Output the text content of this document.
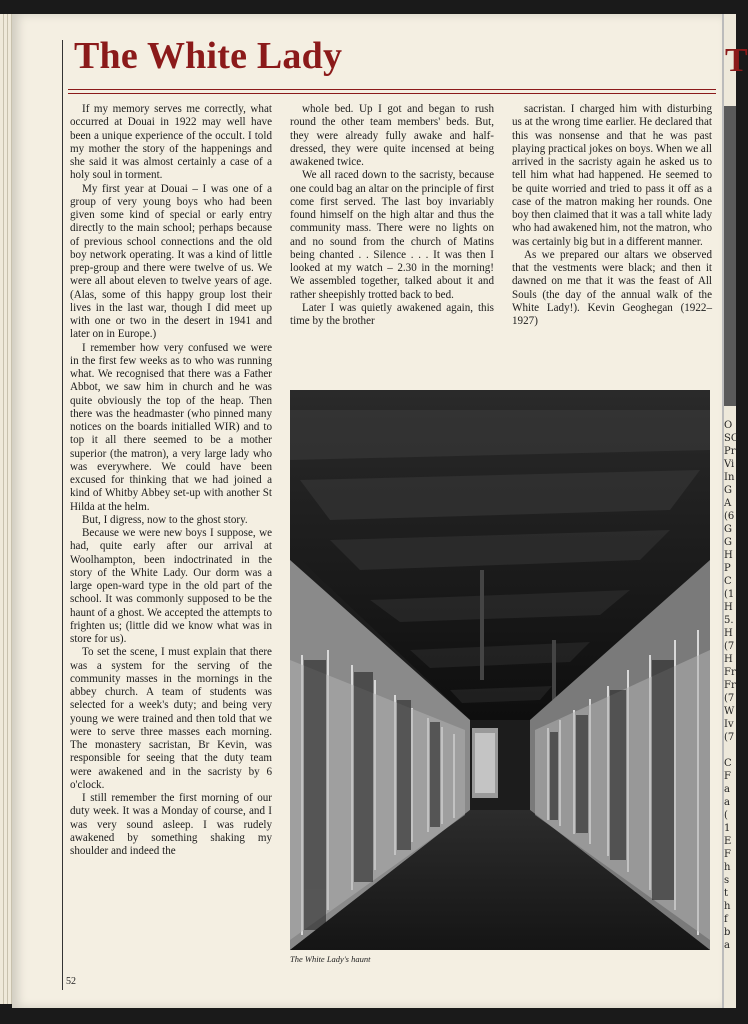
T
O
SC
Pr
Vi
In
G
A
(6
G
G
H
P
C
(1
H
5.
H
(7
H
Fr
Fr
(7
W
Iv
(7
C
F
a
a
(
1
E
F
h
s
t
h
f
b
a
The White Lady

If my memory serves me correctly, what occurred at Douai in 1922 may well have been a unique experience of the occult. I told my mother the story of the happenings and she said it was almost certainly a case of a holy soul in torment.

My first year at Douai – I was one of a group of very young boys who had been given some kind of special or early entry directly to the main school; perhaps because of previous school connections and the old boy network operating. It was a kind of little prep-group and there were twelve of us. We were all about eleven to twelve years of age. (Alas, some of this happy group lost their lives in the last war, though I did meet up with one or two in the desert in 1941 and later on in Europe.)

I remember how very confused we were in the first few weeks as to who was running what. We recognised that there was a Father Abbot, we saw him in church and he was quite obviously the top of the heap. Then there was the headmaster (who pinned many notices on the boards initialled WIR) and to top it all there seemed to be a mother superior (the matron), a very large lady who was everywhere. We could have been excused for thinking that we had joined a kind of Whitby Abbey set-up with another St Hilda at the helm.

But, I digress, now to the ghost story.

Because we were new boys I suppose, we had, quite early after our arrival at Woolhampton, been indoctrinated in the story of the White Lady. Our dorm was a large open-ward type in the old part of the school. It was commonly supposed to be the haunt of a ghost. We accepted the attempts to frighten us; (little did we know what was in store for us).

To set the scene, I must explain that there was a system for the serving of the community masses in the mornings in the abbey church. A team of students was selected for a week's duty; and being very young we were trained and then told that we were to serve three masses each morning. The monastery sacristan, Br Kevin, was responsible for seeing that the duty team were awakened and in the sacristy by 6 o'clock.

I still remember the first morning of our duty week. It was a Monday of course, and I was very sound asleep. I was rudely awakened by something shaking my shoulder and indeed the

whole bed. Up I got and began to rush round the other team members' beds. But, they were already fully awake and half-dressed, they were quite incensed at being awakened twice.

We all raced down to the sacristy, because one could bag an altar on the principle of first come first served. The last boy invariably found himself on the high altar and thus the community mass. There were no lights on and no sound from the church of Matins being chanted . . Silence . . . It was then I looked at my watch – 2.30 in the morning! We assembled together, talked about it and rather sheepishly trotted back to bed.

Later I was quietly awakened again, this time by the brother

sacristan. I charged him with disturbing us at the wrong time earlier. He declared that this was nonsense and that he was past playing practical jokes on boys. When we all arrived in the sacristy again he asked us to tell him what had happened. He seemed to be quite worried and tried to pass it off as a case of the matron making her rounds. One boy then claimed that it was a tall white lady who had awakened him, not the matron, who was certainly big but in a different manner.

As we prepared our altars we observed that the vestments were black; and then it dawned on me that it was the feast of All Souls (the day of the annual walk of the White Lady!). Kevin Geoghegan (1922–1927)

The White Lady's haunt
52
